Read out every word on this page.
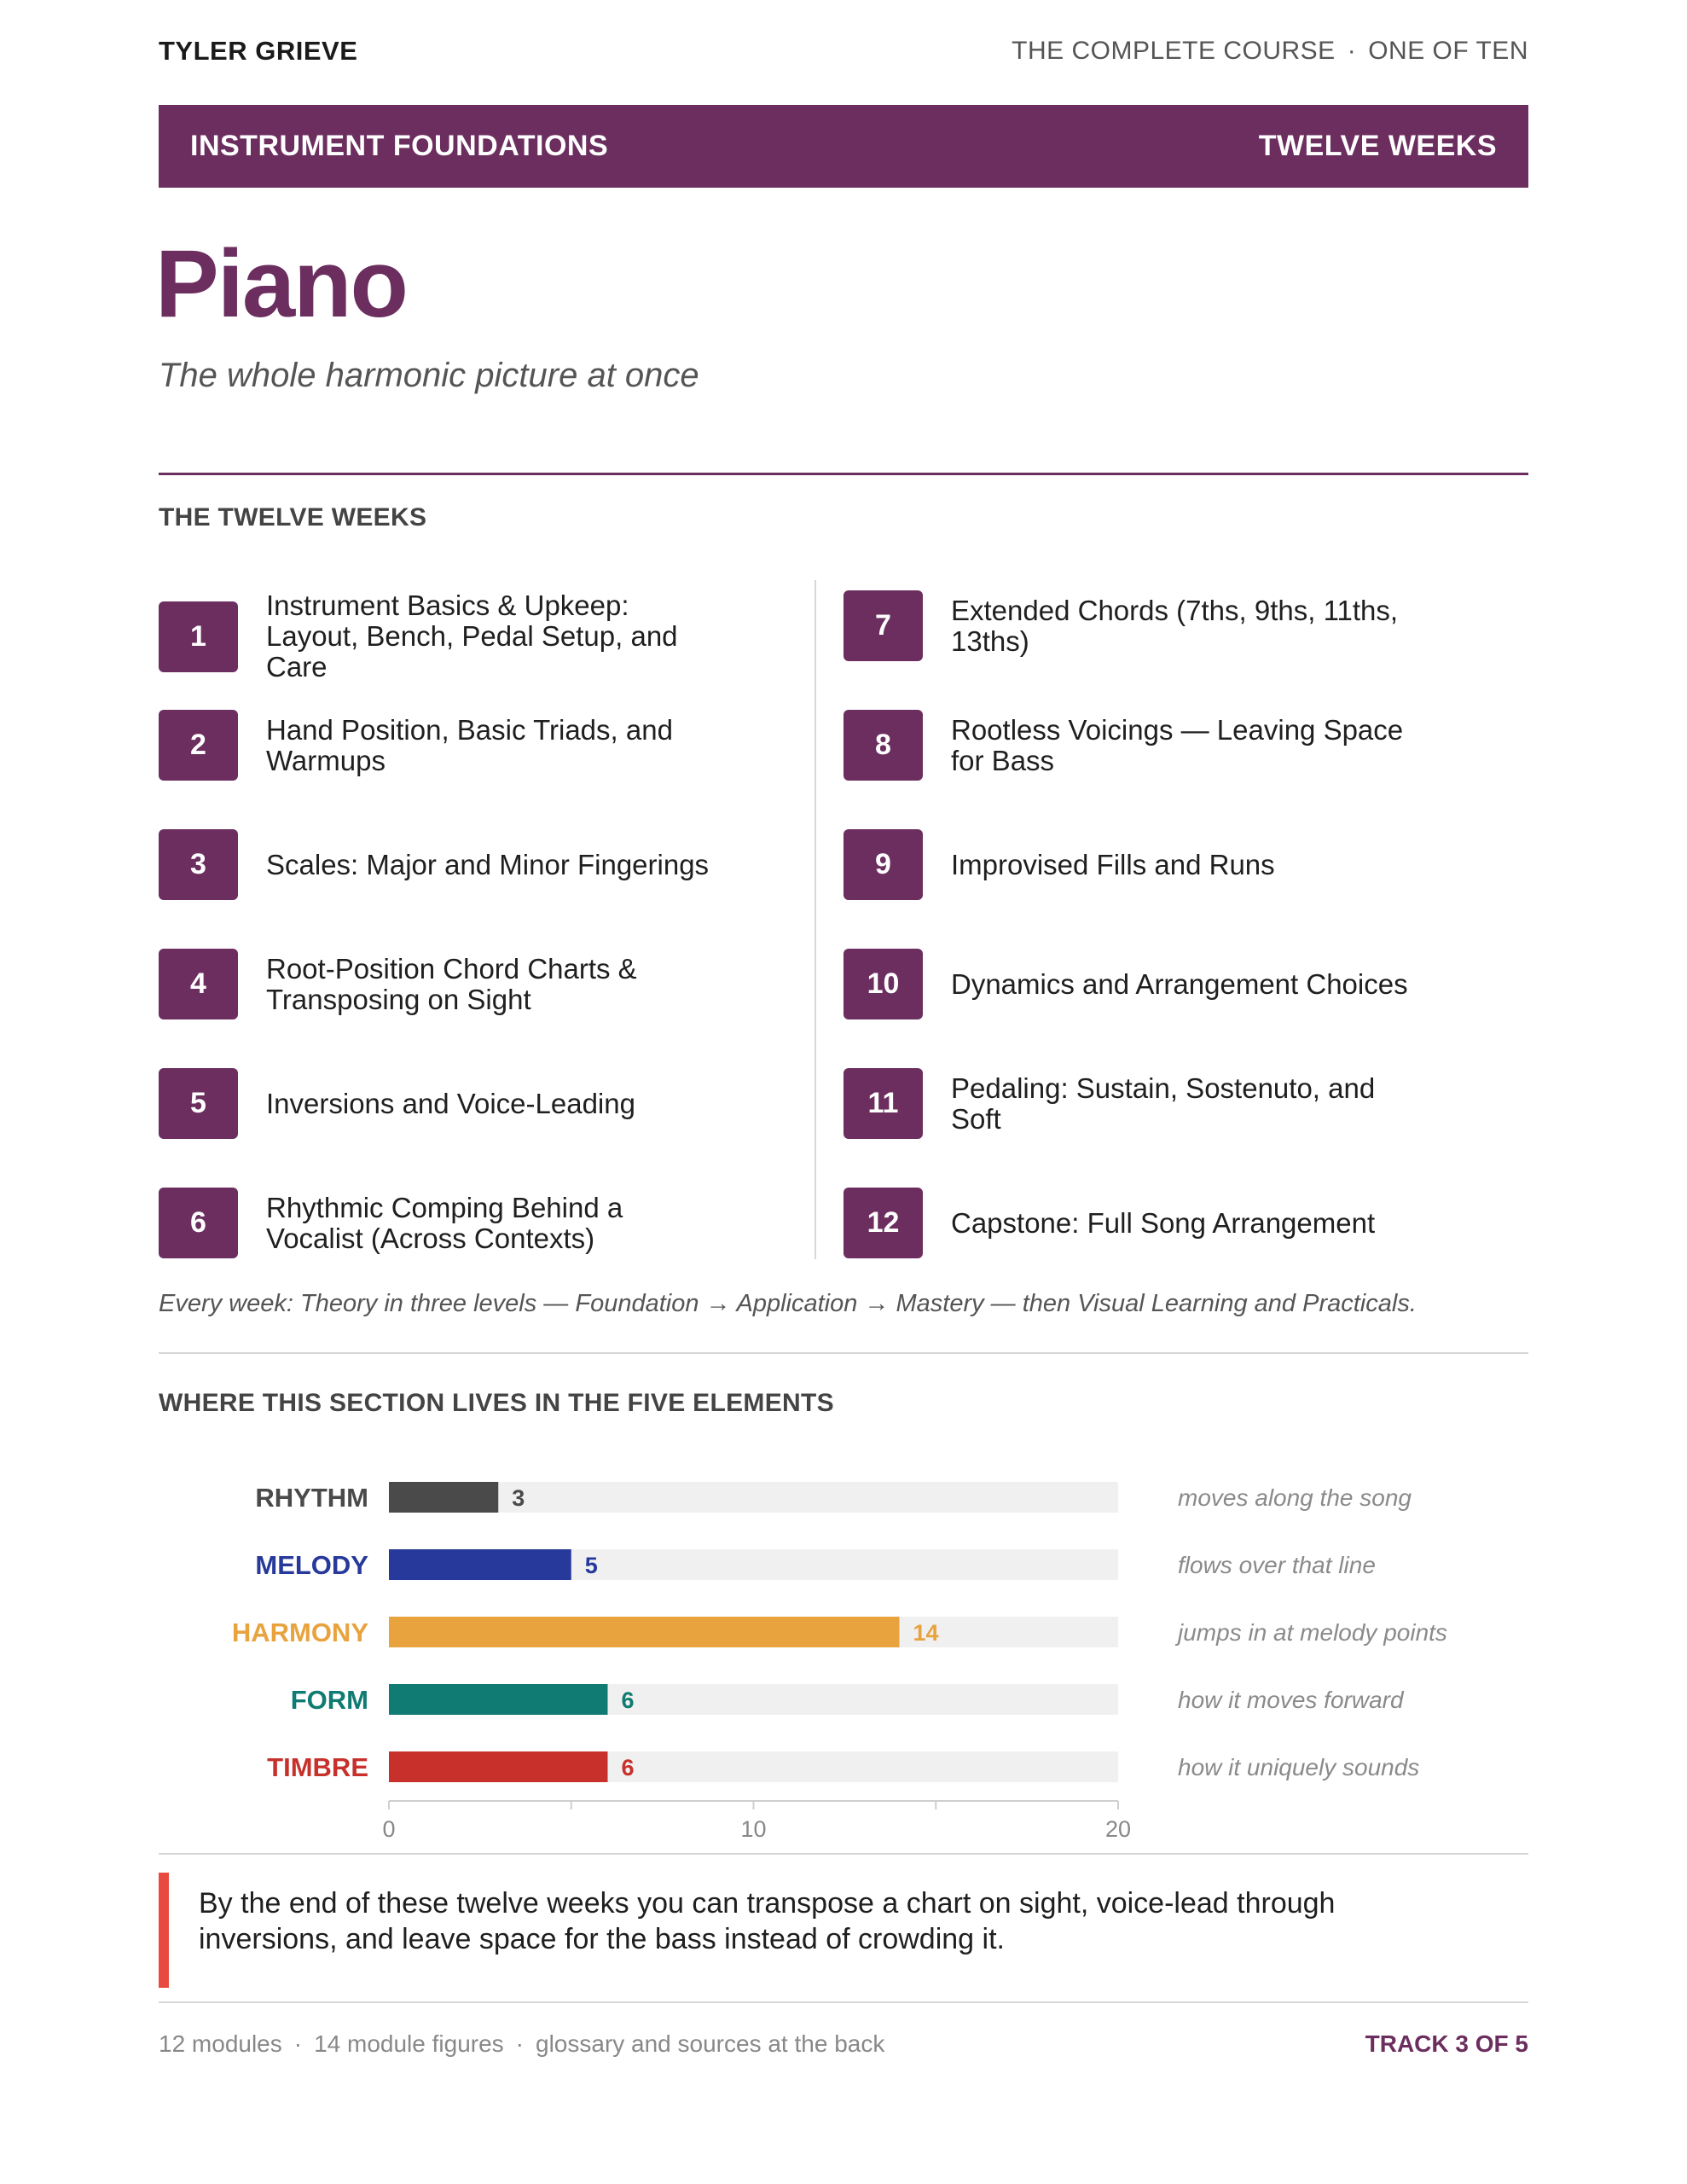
TYLER GRIEVE	THE COMPLETE COURSE · ONE OF TEN
INSTRUMENT FOUNDATIONS	TWELVE WEEKS
Piano
The whole harmonic picture at once
THE TWELVE WEEKS
1
Instrument Basics & Upkeep: Layout, Bench, Pedal Setup, and Care
2	Hand Position, Basic Triads, and Warmups
3	Scales: Major and Minor Fingerings
4	Root-Position Chord Charts & Transposing on Sight
5	Inversions and Voice-Leading
6	Rhythmic Comping Behind a Vocalist (Across Contexts)
7	Extended Chords (7ths, 9ths, 11ths, 13ths)
8	Rootless Voicings — Leaving Space for Bass
9	Improvised Fills and Runs
10	Dynamics and Arrangement Choices
11	Pedaling: Sustain, Sostenuto, and Soft
12	Capstone: Full Song Arrangement
Every week: Theory in three levels — Foundation → Application → Mastery — then Visual Learning and Practicals.
WHERE THIS SECTION LIVES IN THE FIVE ELEMENTS
RHYTHM	3	moves along the song
MELODY	5	flows over that line
HARMONY	14	jumps in at melody points
FORM	6	how it moves forward
TIMBRE	6	how it uniquely sounds
0	10	20
By the end of these twelve weeks you can transpose a chart on sight, voice-lead through inversions, and leave space for the bass instead of crowding it.
12 modules · 14 module figures · glossary and sources at the back	TRACK 3 OF 5
